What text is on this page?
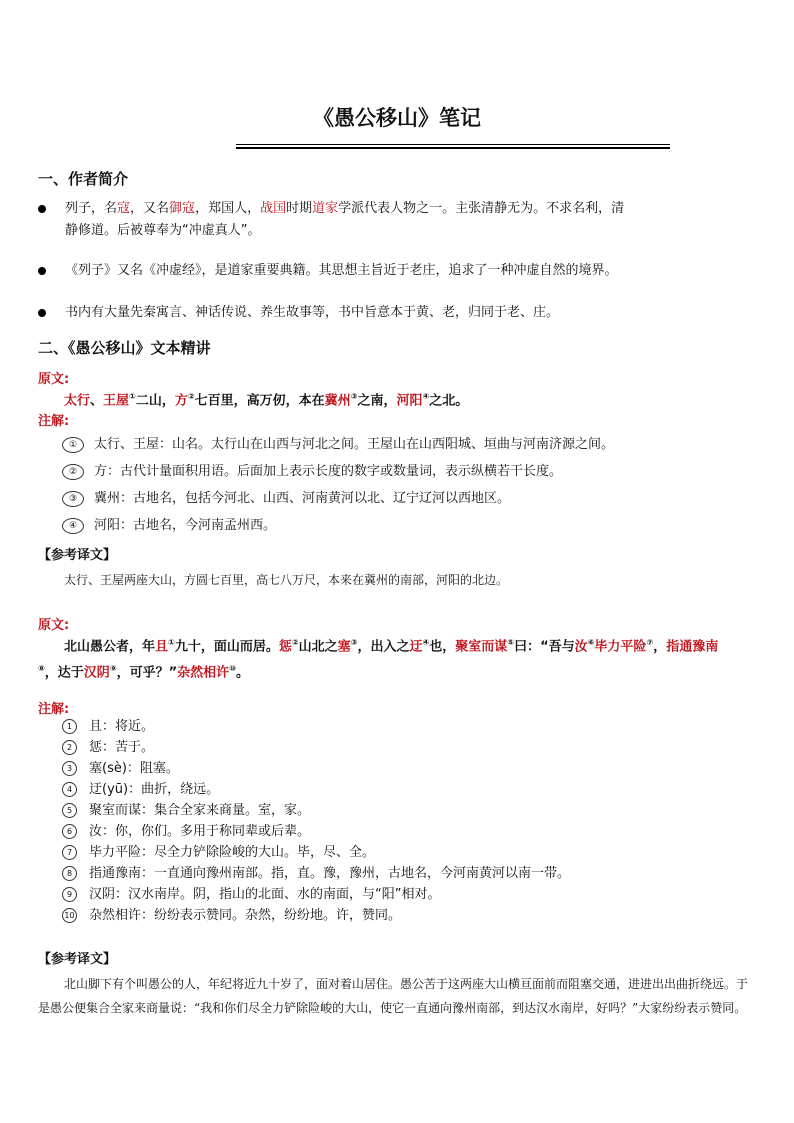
《愚公移山》笔记
一、作者简介
列子，名寇，又名御寇，郑国人，战国时期道家学派代表人物之一。主张清静无为。不求名利，清
静修道。后被尊奉为“冲虚真人”。
《列子》又名《冲虚经》，是道家重要典籍。其思想主旨近于老庄，追求了一种冲虚自然的境界。
书内有大量先秦寓言、神话传说、养生故事等，书中旨意本于黄、老，归同于老、庄。
二、《愚公移山》文本精讲
原文:
太行、王屋①二山，方②七百里，高万仞，本在冀州③之南，河阳④之北。
注解:
① 太行、王屋：山名。太行山在山西与河北之间。王屋山在山西阳城、垣曲与河南济源之间。
② 方：古代计量面积用语。后面加上表示长度的数字或数量词，表示纵横若干长度。
③ 冀州：古地名，包括今河北、山西、河南黄河以北、辽宁辽河以西地区。
④ 河阳：古地名，今河南孟州西。
【参考译文】
太行、王屋两座大山，方圆七百里，高七八万尺，本来在冀州的南部，河阳的北边。
原文:
北山愚公者，年且①九十，面山而居。惩②山北之塞③，出入之迂④也，聚室而谋⑤曰：“吾与汝⑥毕力平险⑦，指通豫南⑧，达于汉阴⑨，可乎？”杂然相许⑩。
注解:
1 且：将近。
2 惩：苦于。
3 塞(sè)：阻塞。
4 迂(yū)：曲折，绕远。
5 聚室而谋：集合全家来商量。室，家。
6 汝：你，你们。多用于称同辈或后辈。
7 毕力平险：尽全力铲除险峻的大山。毕，尽、全。
8 指通豫南：一直通向豫州南部。指，直。豫，豫州，古地名，今河南黄河以南一带。
9 汉阴：汉水南岸。阴，指山的北面、水的南面，与“阳”相对。
10 杂然相许：纷纷表示赞同。杂然，纷纷地。许，赞同。
【参考译文】
北山脚下有个叫愚公的人，年纪将近九十岁了，面对着山居住。愚公苦于这两座大山横亘面前而阻塞交通，进进出出曲折绕远。于是愚公便集合全家来商量说：“我和你们尽全力铲除险峻的大山，使它一直通向豫州南部，到达汉水南岸，好吗？”大家纷纷表示赞同。
